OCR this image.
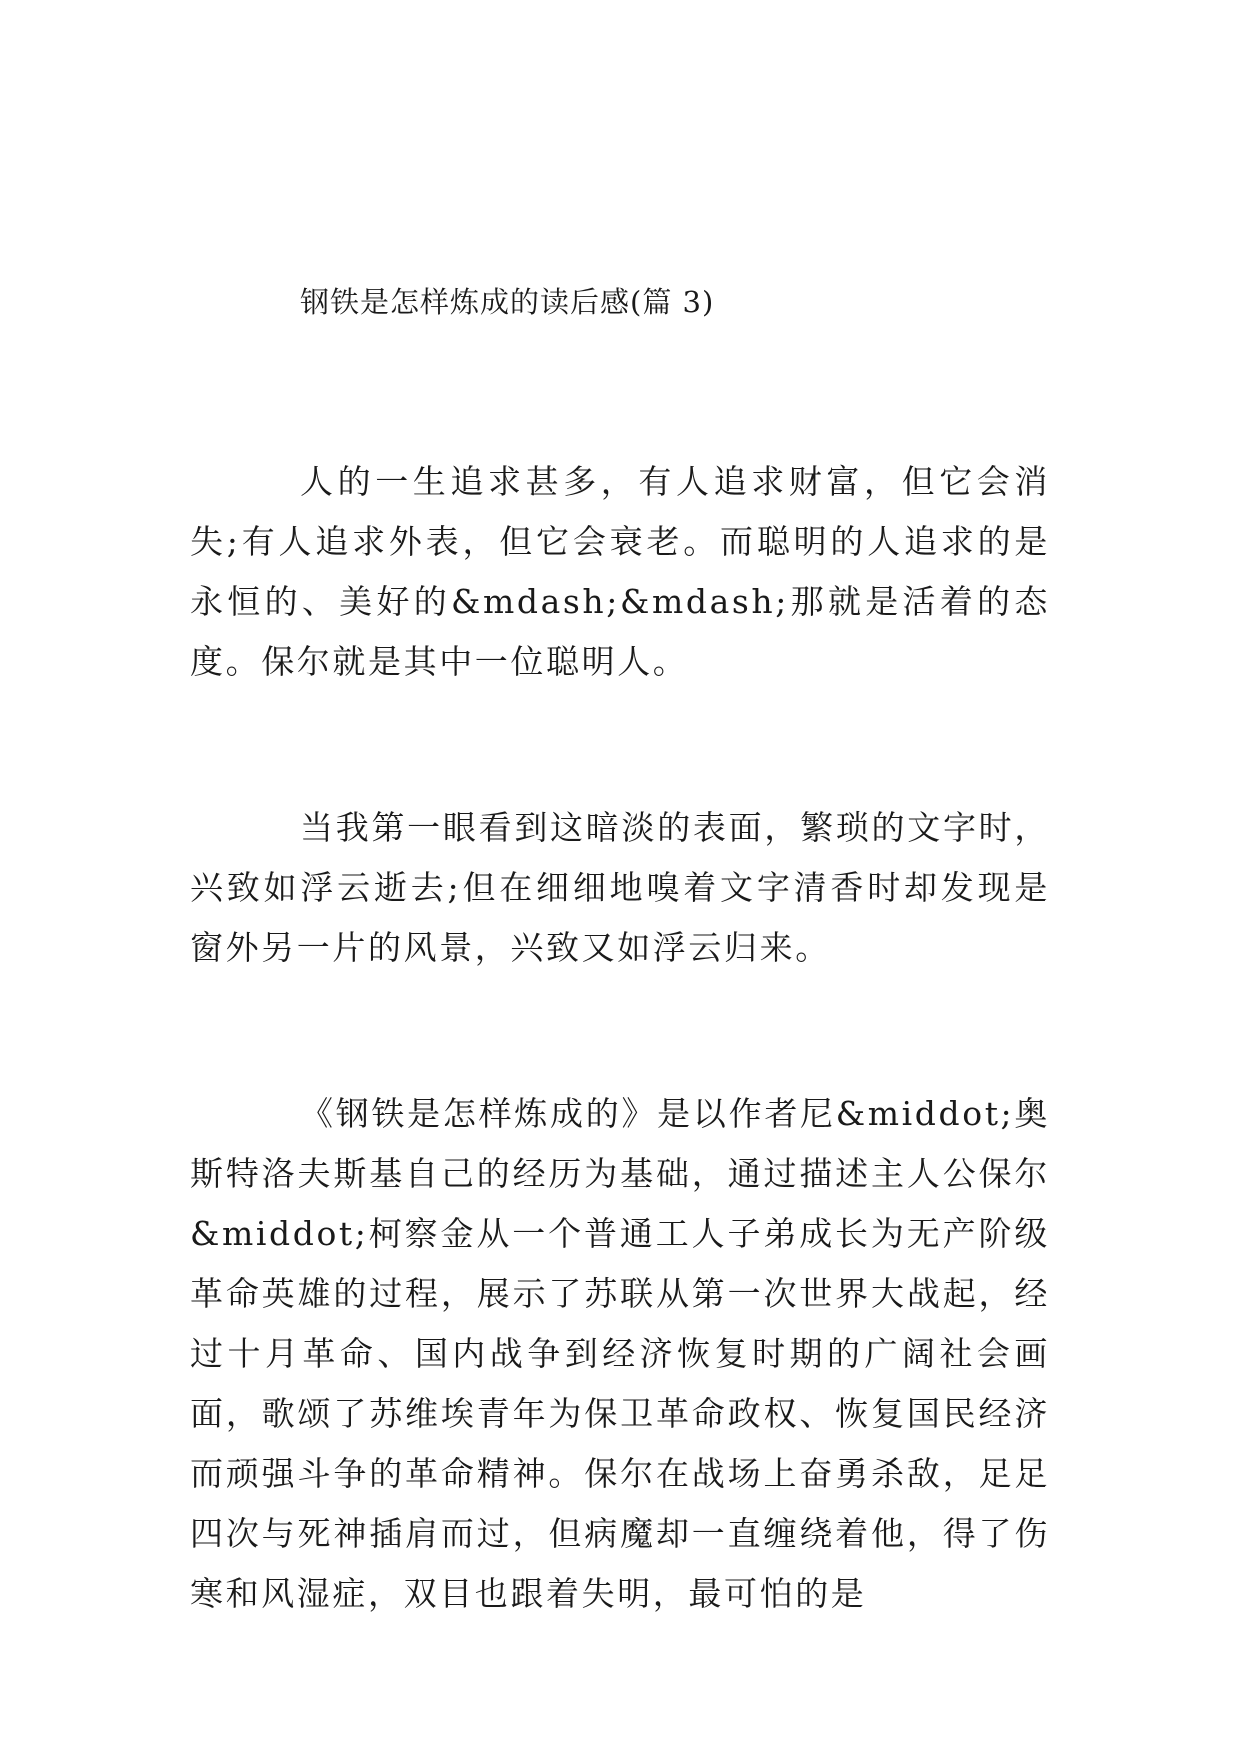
钢铁是怎样炼成的读后感(篇 3)

人的一生追求甚多，有人追求财富，但它会消失;有人追求外表，但它会衰老。而聪明的人追求的是永恒的、美好的&mdash;&mdash;那就是活着的态度。保尔就是其中一位聪明人。

当我第一眼看到这暗淡的表面，繁琐的文字时，兴致如浮云逝去;但在细细地嗅着文字清香时却发现是窗外另一片的风景，兴致又如浮云归来。

《钢铁是怎样炼成的》是以作者尼&middot;奥斯特洛夫斯基自己的经历为基础，通过描述主人公保尔&middot;柯察金从一个普通工人子弟成长为无产阶级革命英雄的过程，展示了苏联从第一次世界大战起，经过十月革命、国内战争到经济恢复时期的广阔社会画面，歌颂了苏维埃青年为保卫革命政权、恢复国民经济而顽强斗争的革命精神。保尔在战场上奋勇杀敌，足足四次与死神插肩而过，但病魔却一直缠绕着他，得了伤寒和风湿症，双目也跟着失明，最可怕的是
